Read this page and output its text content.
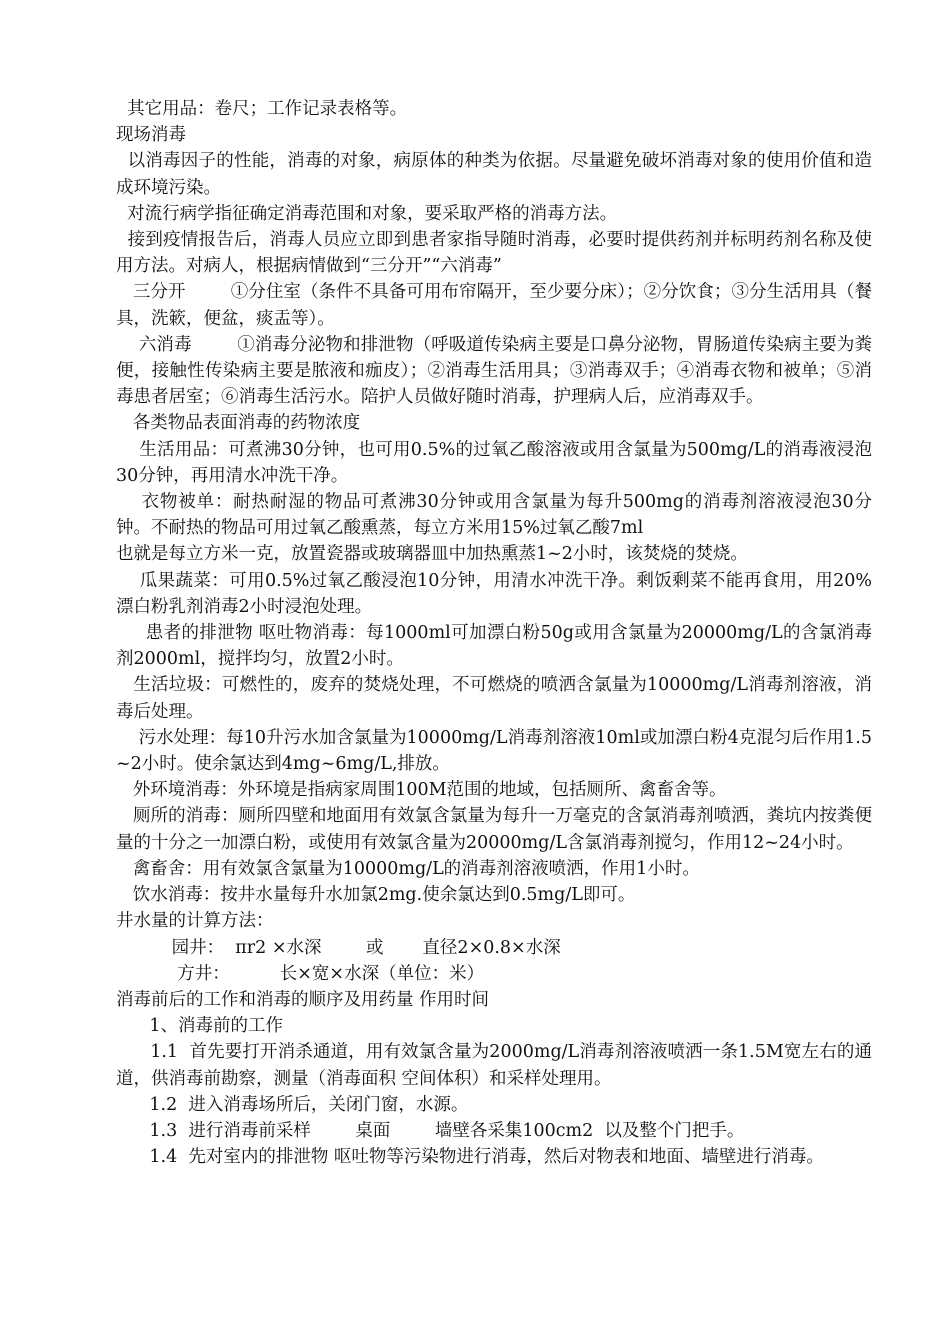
其它用品：卷尺；工作记录表格等。

现场消毒

以消毒因子的性能，消毒的对象，病原体的种类为依据。尽量避免破坏消毒对象的使用价值和造成环境污染。

对流行病学指征确定消毒范围和对象，要采取严格的消毒方法。

接到疫情报告后，消毒人员应立即到患者家指导随时消毒，必要时提供药剂并标明药剂名称及使用方法。对病人，根据病情做到“三分开”“六消毒”

三分开        ①分住室（条件不具备可用布帘隔开，至少要分床）；②分饮食；③分生活用具（餐具，洗簌，便盆，痰盂等）。

六消毒        ①消毒分泌物和排泄物（呼吸道传染病主要是口鼻分泌物，胃肠道传染病主要为粪便，接触性传染病主要是脓液和痂皮）；②消毒生活用具；③消毒双手；④消毒衣物和被单；⑤消毒患者居室；⑥消毒生活污水。陪护人员做好随时消毒，护理病人后，应消毒双手。

各类物品表面消毒的药物浓度

生活用品：可煮沸30分钟，也可用0.5%的过氧乙酸溶液或用含氯量为500mg/L的消毒液浸泡30分钟，再用清水冲洗干净。

衣物被单：耐热耐湿的物品可煮沸30分钟或用含氯量为每升500mg的消毒剂溶液浸泡30分钟。不耐热的物品可用过氧乙酸熏蒸，每立方米用15%过氧乙酸7ml

也就是每立方米一克，放置瓷器或玻璃器皿中加热熏蒸1~2小时，该焚烧的焚烧。

瓜果蔬菜：可用0.5%过氧乙酸浸泡10分钟，用清水冲洗干净。剩饭剩菜不能再食用，用20%漂白粉乳剂消毒2小时浸泡处理。

患者的排泄物 呕吐物消毒：每1000ml可加漂白粉50g或用含氯量为20000mg/L的含氯消毒剂2000ml，搅拌均匀，放置2小时。

生活垃圾：可燃性的，废弃的焚烧处理，不可燃烧的喷洒含氯量为10000mg/L消毒剂溶液，消毒后处理。

污水处理：每10升污水加含氯量为10000mg/L消毒剂溶液10ml或加漂白粉4克混匀后作用1.5~2小时。使余氯达到4mg~6mg/L,排放。

外环境消毒：外环境是指病家周围100M范围的地域，包括厕所、禽畜舍等。

厕所的消毒：厕所四壁和地面用有效氯含氯量为每升一万毫克的含氯消毒剂喷洒，粪坑内按粪便量的十分之一加漂白粉，或使用有效氯含量为20000mg/L含氯消毒剂搅匀，作用12~24小时。

禽畜舍：用有效氯含氯量为10000mg/L的消毒剂溶液喷洒，作用1小时。

饮水消毒：按井水量每升水加氯2mg.使余氯达到0.5mg/L即可。

井水量的计算方法：

园井：  πr2 ×水深        或       直径2×0.8×水深

方井：         长×宽×水深（单位：米）

消毒前后的工作和消毒的顺序及用药量 作用时间

1、消毒前的工作

1.1  首先要打开消杀通道，用有效氯含量为2000mg/L消毒剂溶液喷洒一条1.5M宽左右的通道，供消毒前勘察，测量（消毒面积 空间体积）和采样处理用。

1.2  进入消毒场所后，关闭门窗，水源。

1.3  进行消毒前采样        桌面        墙壁各采集100cm2  以及整个门把手。

1.4  先对室内的排泄物 呕吐物等污染物进行消毒，然后对物表和地面、墙壁进行消毒。
